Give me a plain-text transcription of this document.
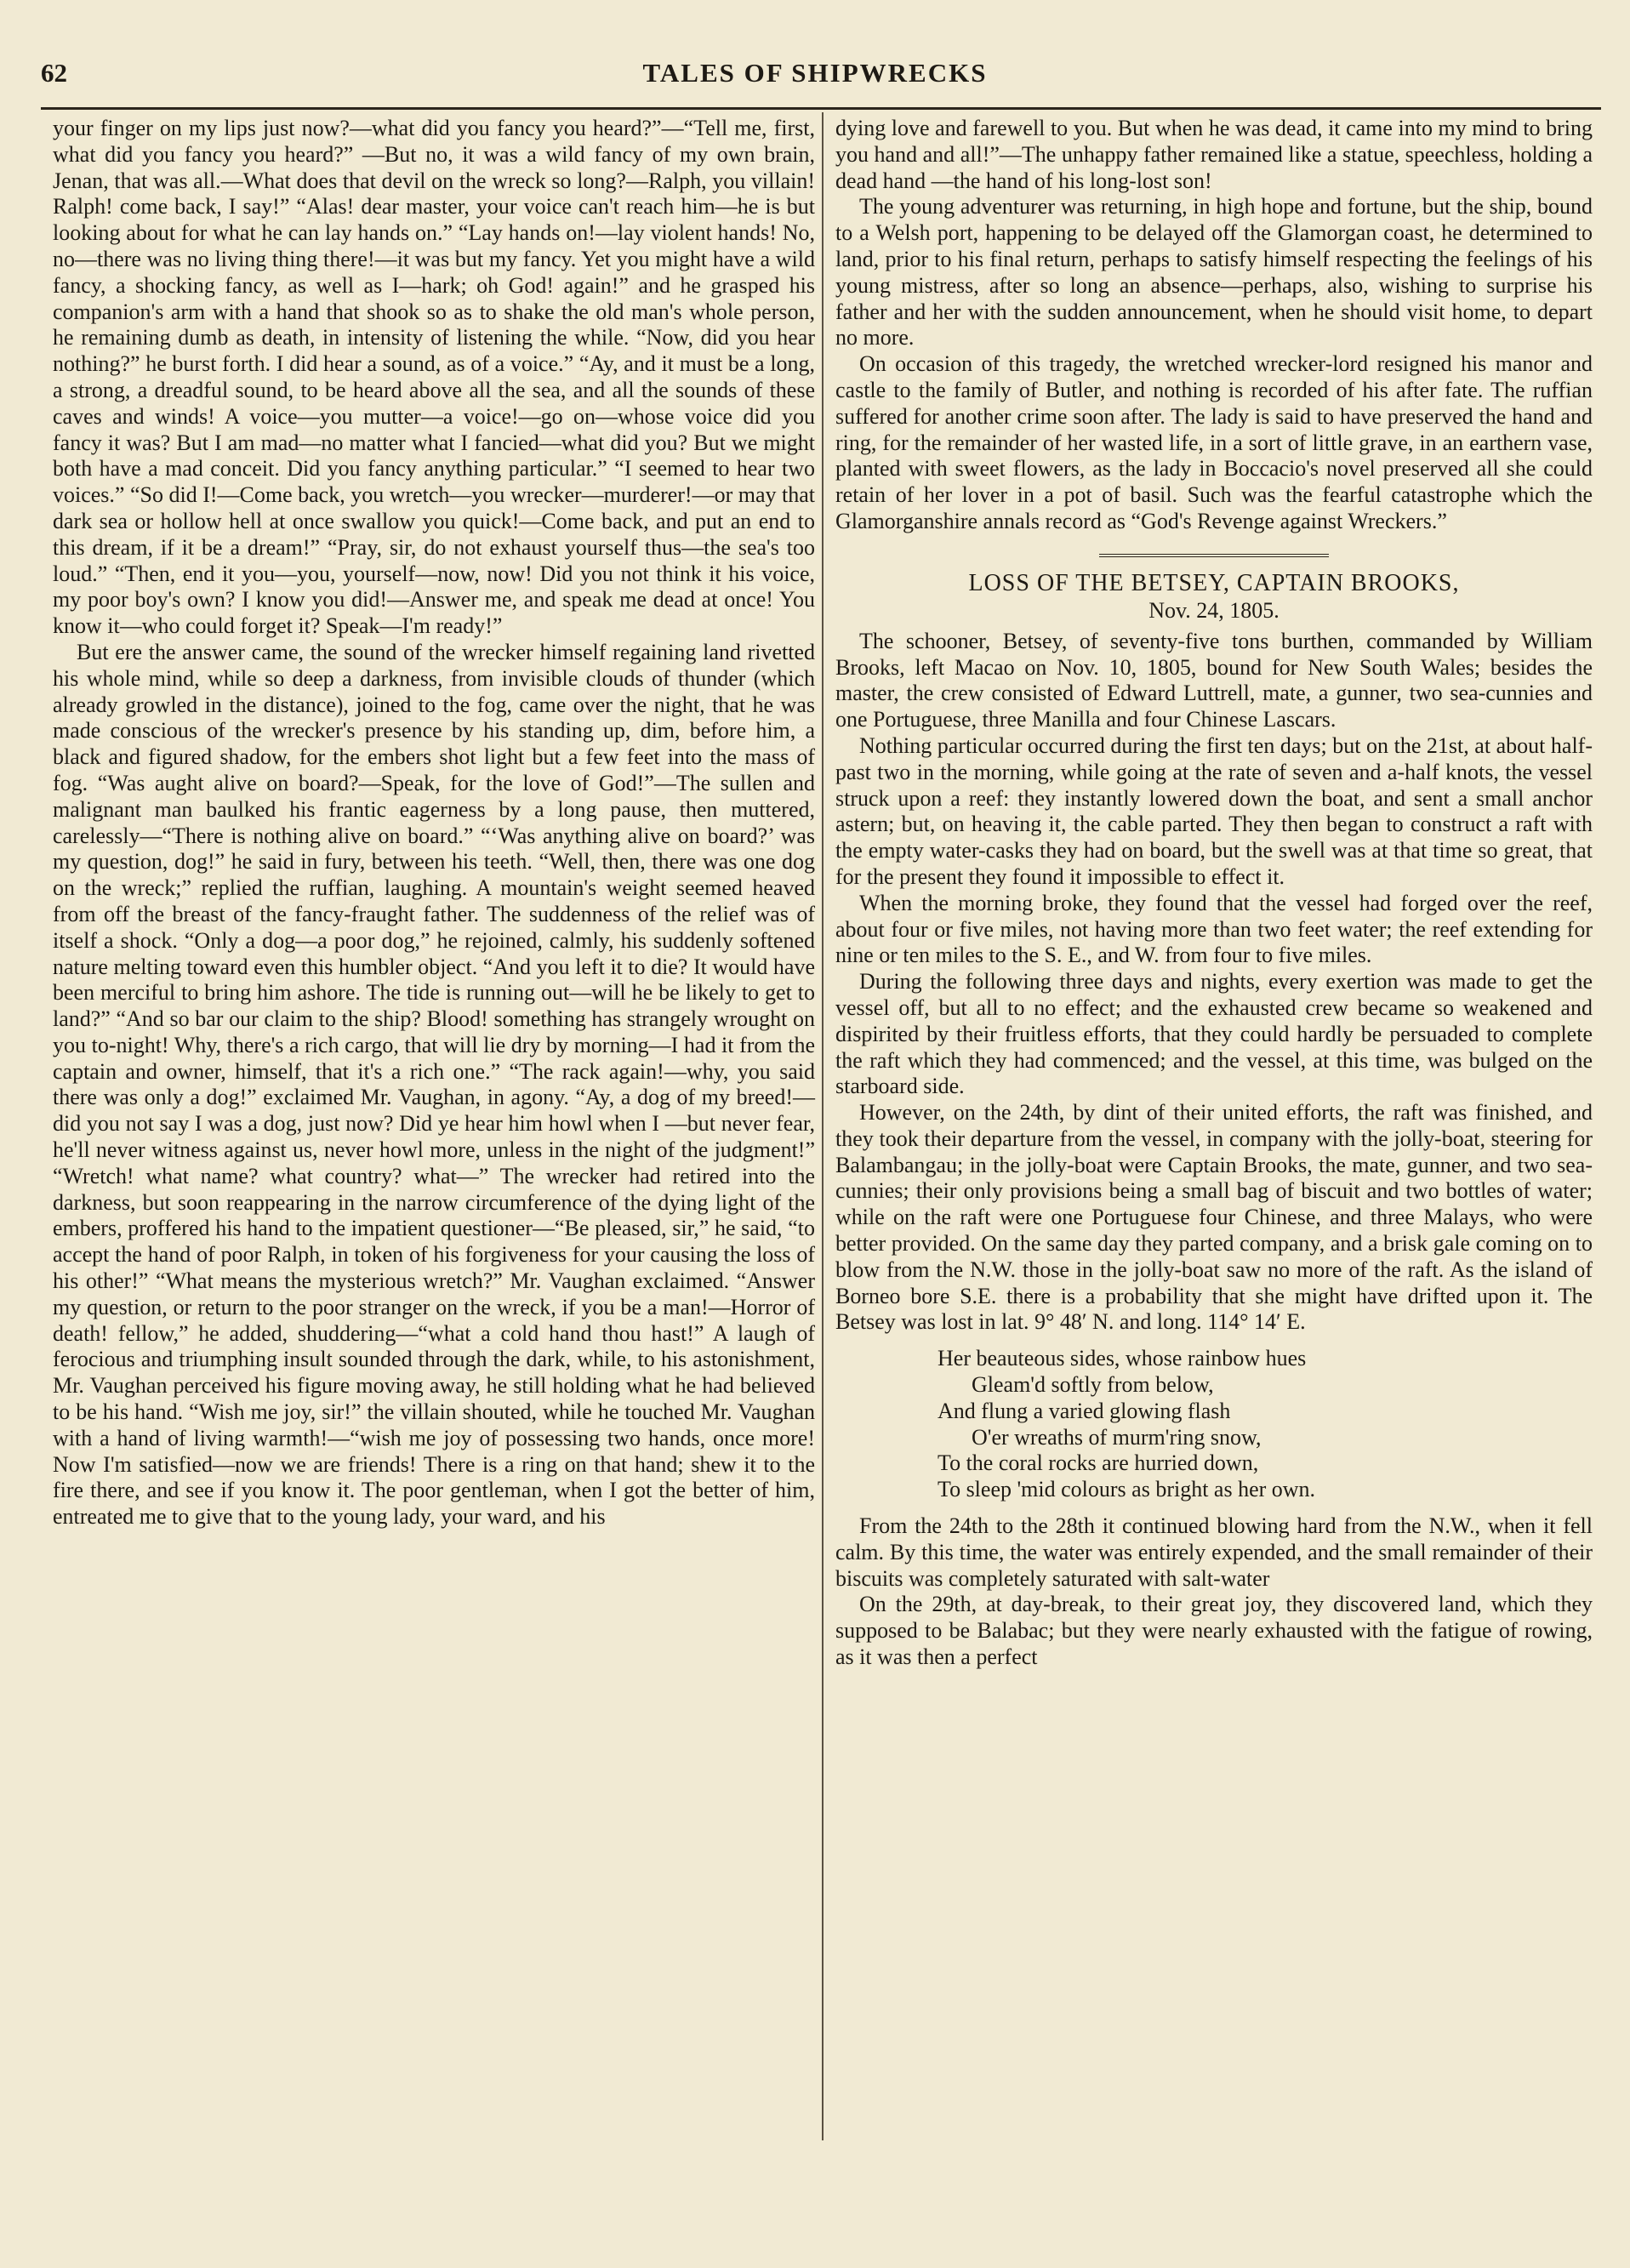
62	TALES OF SHIPWRECKS

your finger on my lips just now?—what did you fancy you heard?”—“Tell me, first, what did you fancy you heard?” —But no, it was a wild fancy of my own brain, Jenan, that was all.—What does that devil on the wreck so long?—Ralph, you villain! Ralph! come back, I say!” “Alas! dear master, your voice can't reach him—he is but looking about for what he can lay hands on.” “Lay hands on!—lay violent hands! No, no—there was no living thing there!—it was but my fancy. Yet you might have a wild fancy, a shocking fancy, as well as I—hark; oh God! again!” and he grasped his companion's arm with a hand that shook so as to shake the old man's whole person, he remaining dumb as death, in intensity of listening the while. “Now, did you hear nothing?” he burst forth. I did hear a sound, as of a voice.” “Ay, and it must be a long, a strong, a dreadful sound, to be heard above all the sea, and all the sounds of these caves and winds! A voice—you mutter—a voice!—go on—whose voice did you fancy it was? But I am mad—no matter what I fancied—what did you? But we might both have a mad conceit. Did you fancy anything particular.” “I seemed to hear two voices.” “So did I!—Come back, you wretch—you wrecker—murderer!—or may that dark sea or hollow hell at once swallow you quick!—Come back, and put an end to this dream, if it be a dream!” “Pray, sir, do not exhaust yourself thus—the sea's too loud.” “Then, end it you—you, yourself—now, now! Did you not think it his voice, my poor boy's own? I know you did!—Answer me, and speak me dead at once! You know it—who could forget it? Speak—I'm ready!”

But ere the answer came, the sound of the wrecker himself regaining land rivetted his whole mind, while so deep a darkness, from invisible clouds of thunder (which already growled in the distance), joined to the fog, came over the night, that he was made conscious of the wrecker's presence by his standing up, dim, before him, a black and figured shadow, for the embers shot light but a few feet into the mass of fog. “Was aught alive on board?—Speak, for the love of God!”—The sullen and malignant man baulked his frantic eagerness by a long pause, then muttered, carelessly—“There is nothing alive on board.” “‘Was anything alive on board?’ was my question, dog!” he said in fury, between his teeth. “Well, then, there was one dog on the wreck;” replied the ruffian, laughing. A mountain's weight seemed heaved from off the breast of the fancy-fraught father. The suddenness of the relief was of itself a shock. “Only a dog—a poor dog,” he rejoined, calmly, his suddenly softened nature melting toward even this humbler object. “And you left it to die? It would have been merciful to bring him ashore. The tide is running out—will he be likely to get to land?” “And so bar our claim to the ship? Blood! something has strangely wrought on you to-night! Why, there's a rich cargo, that will lie dry by morning—I had it from the captain and owner, himself, that it's a rich one.” “The rack again!—why, you said there was only a dog!” exclaimed Mr. Vaughan, in agony. “Ay, a dog of my breed!—did you not say I was a dog, just now? Did ye hear him howl when I —but never fear, he'll never witness against us, never howl more, unless in the night of the judgment!” “Wretch! what name? what country? what—” The wrecker had retired into the darkness, but soon reappearing in the narrow circumference of the dying light of the embers, proffered his hand to the impatient questioner—“Be pleased, sir,” he said, “to accept the hand of poor Ralph, in token of his forgiveness for your causing the loss of his other!” “What means the mysterious wretch?” Mr. Vaughan exclaimed. “Answer my question, or return to the poor stranger on the wreck, if you be a man!—Horror of death! fellow,” he added, shuddering—“what a cold hand thou hast!” A laugh of ferocious and triumphing insult sounded through the dark, while, to his astonishment, Mr. Vaughan perceived his figure moving away, he still holding what he had believed to be his hand. “Wish me joy, sir!” the villain shouted, while he touched Mr. Vaughan with a hand of living warmth!—“wish me joy of possessing two hands, once more! Now I'm satisfied—now we are friends! There is a ring on that hand; shew it to the fire there, and see if you know it. The poor gentleman, when I got the better of him, entreated me to give that to the young lady, your ward, and his

dying love and farewell to you. But when he was dead, it came into my mind to bring you hand and all!”—The unhappy father remained like a statue, speechless, holding a dead hand —the hand of his long-lost son!

The young adventurer was returning, in high hope and fortune, but the ship, bound to a Welsh port, happening to be delayed off the Glamorgan coast, he determined to land, prior to his final return, perhaps to satisfy himself respecting the feelings of his young mistress, after so long an absence—perhaps, also, wishing to surprise his father and her with the sudden announcement, when he should visit home, to depart no more.

On occasion of this tragedy, the wretched wrecker-lord resigned his manor and castle to the family of Butler, and nothing is recorded of his after fate. The ruffian suffered for another crime soon after. The lady is said to have preserved the hand and ring, for the remainder of her wasted life, in a sort of little grave, in an earthern vase, planted with sweet flowers, as the lady in Boccacio's novel preserved all she could retain of her lover in a pot of basil. Such was the fearful catastrophe which the Glamorganshire annals record as “God's Revenge against Wreckers.”

LOSS OF THE BETSEY, CAPTAIN BROOKS,
Nov. 24, 1805.

The schooner, Betsey, of seventy-five tons burthen, commanded by William Brooks, left Macao on Nov. 10, 1805, bound for New South Wales; besides the master, the crew consisted of Edward Luttrell, mate, a gunner, two sea-cunnies and one Portuguese, three Manilla and four Chinese Lascars.

Nothing particular occurred during the first ten days; but on the 21st, at about half-past two in the morning, while going at the rate of seven and a-half knots, the vessel struck upon a reef: they instantly lowered down the boat, and sent a small anchor astern; but, on heaving it, the cable parted. They then began to construct a raft with the empty water-casks they had on board, but the swell was at that time so great, that for the present they found it impossible to effect it.

When the morning broke, they found that the vessel had forged over the reef, about four or five miles, not having more than two feet water; the reef extending for nine or ten miles to the S. E., and W. from four to five miles.

During the following three days and nights, every exertion was made to get the vessel off, but all to no effect; and the exhausted crew became so weakened and dispirited by their fruitless efforts, that they could hardly be persuaded to complete the raft which they had commenced; and the vessel, at this time, was bulged on the starboard side.

However, on the 24th, by dint of their united efforts, the raft was finished, and they took their departure from the vessel, in company with the jolly-boat, steering for Balambangau; in the jolly-boat were Captain Brooks, the mate, gunner, and two sea-cunnies; their only provisions being a small bag of biscuit and two bottles of water; while on the raft were one Portuguese four Chinese, and three Malays, who were better provided. On the same day they parted company, and a brisk gale coming on to blow from the N.W. those in the jolly-boat saw no more of the raft. As the island of Borneo bore S.E. there is a probability that she might have drifted upon it. The Betsey was lost in lat. 9° 48′ N. and long. 114° 14′ E.

Her beauteous sides, whose rainbow hues
Gleam'd softly from below,
And flung a varied glowing flash
O'er wreaths of murm'ring snow,
To the coral rocks are hurried down,
To sleep 'mid colours as bright as her own.

From the 24th to the 28th it continued blowing hard from the N.W., when it fell calm. By this time, the water was entirely expended, and the small remainder of their biscuits was completely saturated with salt-water

On the 29th, at day-break, to their great joy, they discovered land, which they supposed to be Balabac; but they were nearly exhausted with the fatigue of rowing, as it was then a perfect
